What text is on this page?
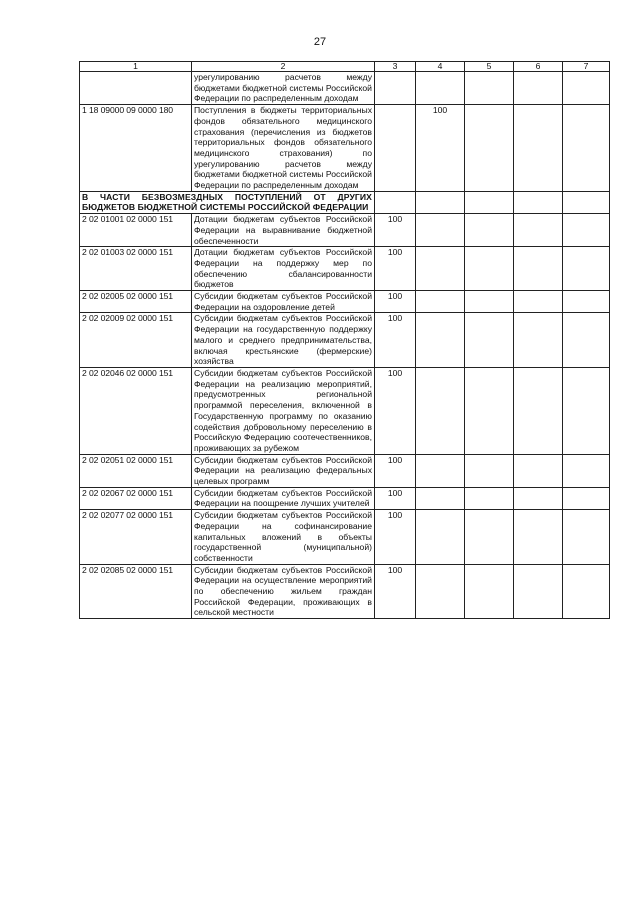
27
1	2	3	4	5	6	7
	урегулированию расчетов между бюджетами бюджетной системы Российской Федерации по распределенным доходам					
1 18 09000 09 0000 180	Поступления в бюджеты территориальных фондов обязательного медицинского страхования (перечисления из бюджетов территориальных фондов обязательного медицинского страхования) по урегулированию расчетов между бюджетами бюджетной системы Российской Федерации по распределенным доходам		100			
В ЧАСТИ БЕЗВОЗМЕЗДНЫХ ПОСТУПЛЕНИЙ ОТ ДРУГИХ БЮДЖЕТОВ БЮДЖЕТНОЙ СИСТЕМЫ РОССИЙСКОЙ ФЕДЕРАЦИИ						
2 02 01001 02 0000 151	Дотации бюджетам субъектов Российской Федерации на выравнивание бюджетной обеспеченности	100				
2 02 01003 02 0000 151	Дотации бюджетам субъектов Российской Федерации на поддержку мер по обеспечению сбалансированности бюджетов	100				
2 02 02005 02 0000 151	Субсидии бюджетам субъектов Российской Федерации на оздоровление детей	100				
2 02 02009 02 0000 151	Субсидии бюджетам субъектов Российской Федерации на государственную поддержку малого и среднего предпринимательства, включая крестьянские (фермерские) хозяйства	100				
2 02 02046 02 0000 151	Субсидии бюджетам субъектов Российской Федерации на реализацию мероприятий, предусмотренных региональной программой переселения, включенной в Государственную программу по оказанию содействия добровольному переселению в Российскую Федерацию соотечественников, проживающих за рубежом	100				
2 02 02051 02 0000 151	Субсидии бюджетам субъектов Российской Федерации на реализацию федеральных целевых программ	100				
2 02 02067 02 0000 151	Субсидии бюджетам субъектов Российской Федерации на поощрение лучших учителей	100				
2 02 02077 02 0000 151	Субсидии бюджетам субъектов Российской Федерации на софинансирование капитальных вложений в объекты государственной (муниципальной) собственности	100				
2 02 02085 02 0000 151	Субсидии бюджетам субъектов Российской Федерации на осуществление мероприятий по обеспечению жильем граждан Российской Федерации, проживающих в сельской местности	100				
